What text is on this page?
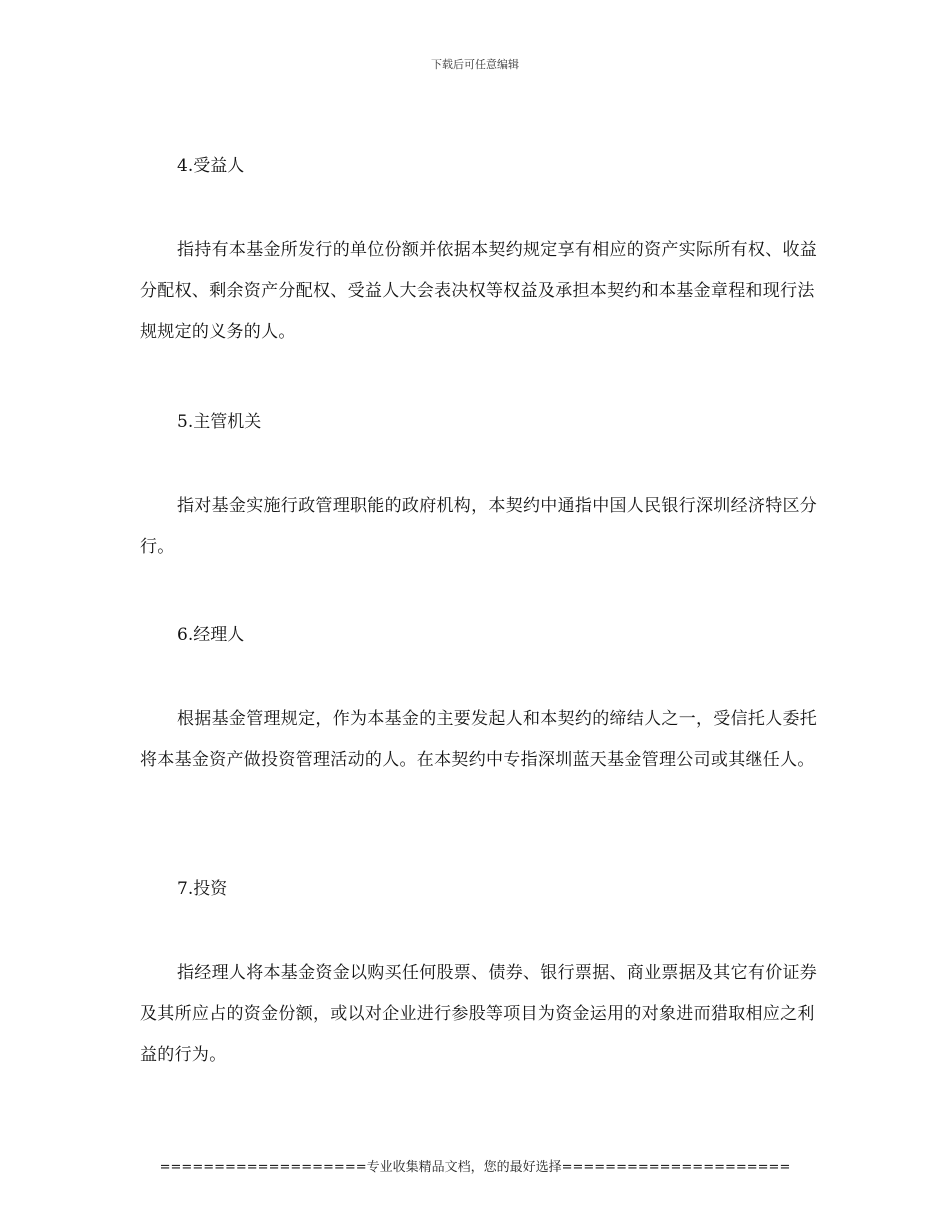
下载后可任意编辑
4.受益人
指持有本基金所发行的单位份额并依据本契约规定享有相应的资产实际所有权、收益分配权、剩余资产分配权、受益人大会表决权等权益及承担本契约和本基金章程和现行法规规定的义务的人。
5.主管机关
指对基金实施行政管理职能的政府机构，本契约中通指中国人民银行深圳经济特区分行。
6.经理人
根据基金管理规定，作为本基金的主要发起人和本契约的缔结人之一，受信托人委托将本基金资产做投资管理活动的人。在本契约中专指深圳蓝天基金管理公司或其继任人。
7.投资
指经理人将本基金资金以购买任何股票、债券、银行票据、商业票据及其它有价证券及其所应占的资金份额，或以对企业进行参股等项目为资金运用的对象进而猎取相应之利益的行为。
===================专业收集精品文档，您的最好选择=====================
